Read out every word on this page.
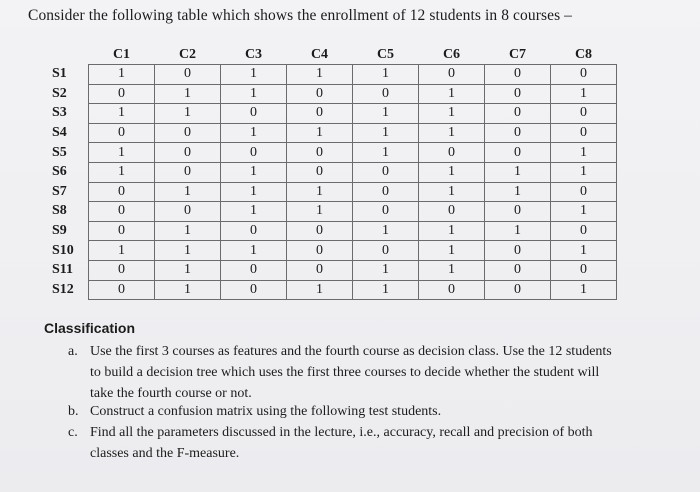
Consider the following table which shows the enrollment of 12 students in 8 courses –
	C1	C2	C3	C4	C5	C6	C7	C8
S1	1	0	1	1	1	0	0	0
S2	0	1	1	0	0	1	0	1
S3	1	1	0	0	1	1	0	0
S4	0	0	1	1	1	1	0	0
S5	1	0	0	0	1	0	0	1
S6	1	0	1	0	0	1	1	1
S7	0	1	1	1	0	1	1	0
S8	0	0	1	1	0	0	0	1
S9	0	1	0	0	1	1	1	0
S10	1	1	1	0	0	1	0	1
S11	0	1	0	0	1	1	0	0
S12	0	1	0	1	1	0	0	1
Classification
a. Use the first 3 courses as features and the fourth course as decision class. Use the 12 students
to build a decision tree which uses the first three courses to decide whether the student will
take the fourth course or not.
b. Construct a confusion matrix using the following test students.
c. Find all the parameters discussed in the lecture, i.e., accuracy, recall and precision of both
classes and the F-measure.
